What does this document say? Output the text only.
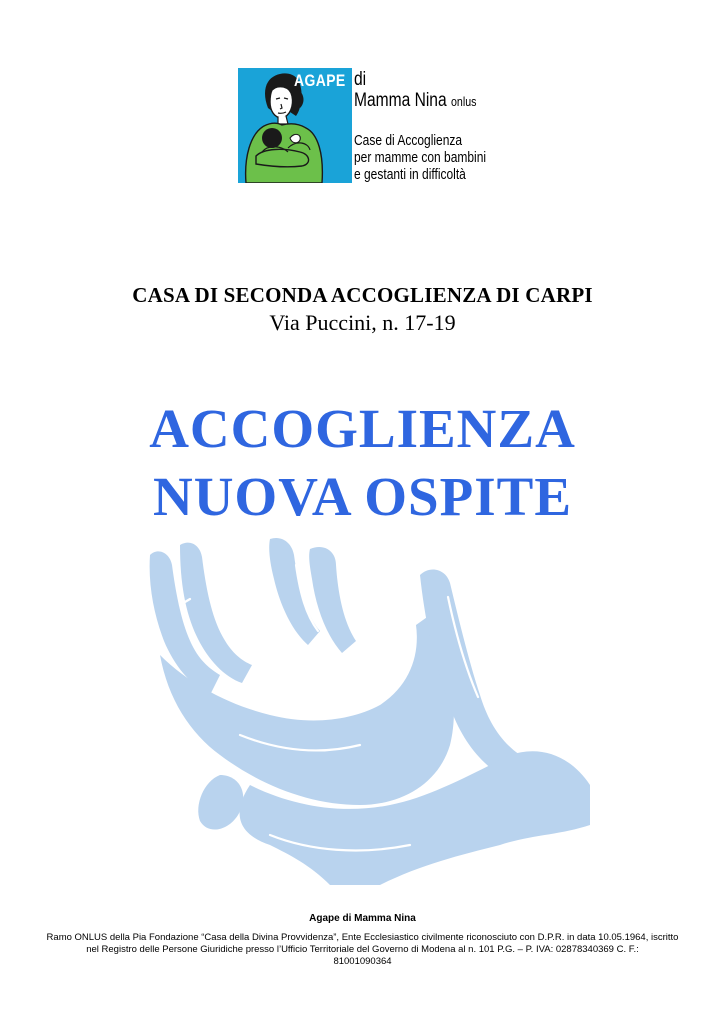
AGAPE di
Mamma Nina onlus
Case di Accoglienza
per mamme con bambini
e gestanti in difficoltà
CASA DI SECONDA ACCOGLIENZA DI CARPI
Via Puccini, n. 17-19
ACCOGLIENZA
NUOVA OSPITE
Agape di Mamma Nina
Ramo ONLUS della Pia Fondazione “Casa della Divina Provvidenza”, Ente Ecclesiastico civilmente riconosciuto con D.P.R. in data 10.05.1964, iscritto
nel Registro delle Persone Giuridiche presso l’Ufficio Territoriale del Governo di Modena al n. 101 P.G. – P. IVA: 02878340369 C. F.:
81001090364
